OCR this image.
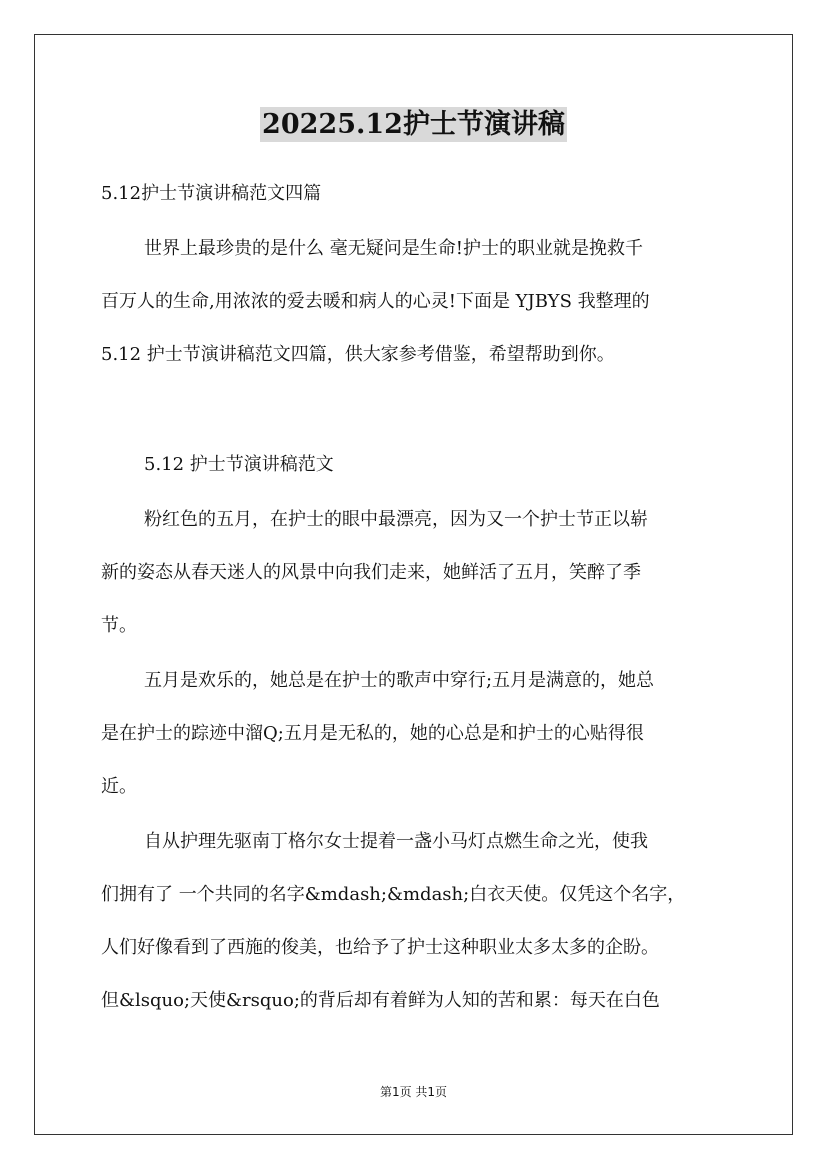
20225.12护士节演讲稿
5.12护士节演讲稿范文四篇
世界上最珍贵的是什么 毫无疑问是生命!护士的职业就是挽救千
百万人的生命,用浓浓的爱去暖和病人的心灵!下面是 YJBYS 我整理的
5.12 护士节演讲稿范文四篇，供大家参考借鉴，希望帮助到你。
5.12 护士节演讲稿范文
粉红色的五月，在护士的眼中最漂亮，因为又一个护士节正以崭
新的姿态从春天迷人的风景中向我们走来，她鲜活了五月，笑醉了季
节。
五月是欢乐的，她总是在护士的歌声中穿行;五月是满意的，她总
是在护士的踪迹中溜Q;五月是无私的，她的心总是和护士的心贴得很
近。
自从护理先驱南丁格尔女士提着一盏小马灯点燃生命之光，使我
们拥有了 一个共同的名字&mdash;&mdash;白衣天使。仅凭这个名字，
人们好像看到了西施的俊美，也给予了护士这种职业太多太多的企盼。
但&lsquo;天使&rsquo;的背后却有着鲜为人知的苦和累：每天在白色
第1页 共1页
